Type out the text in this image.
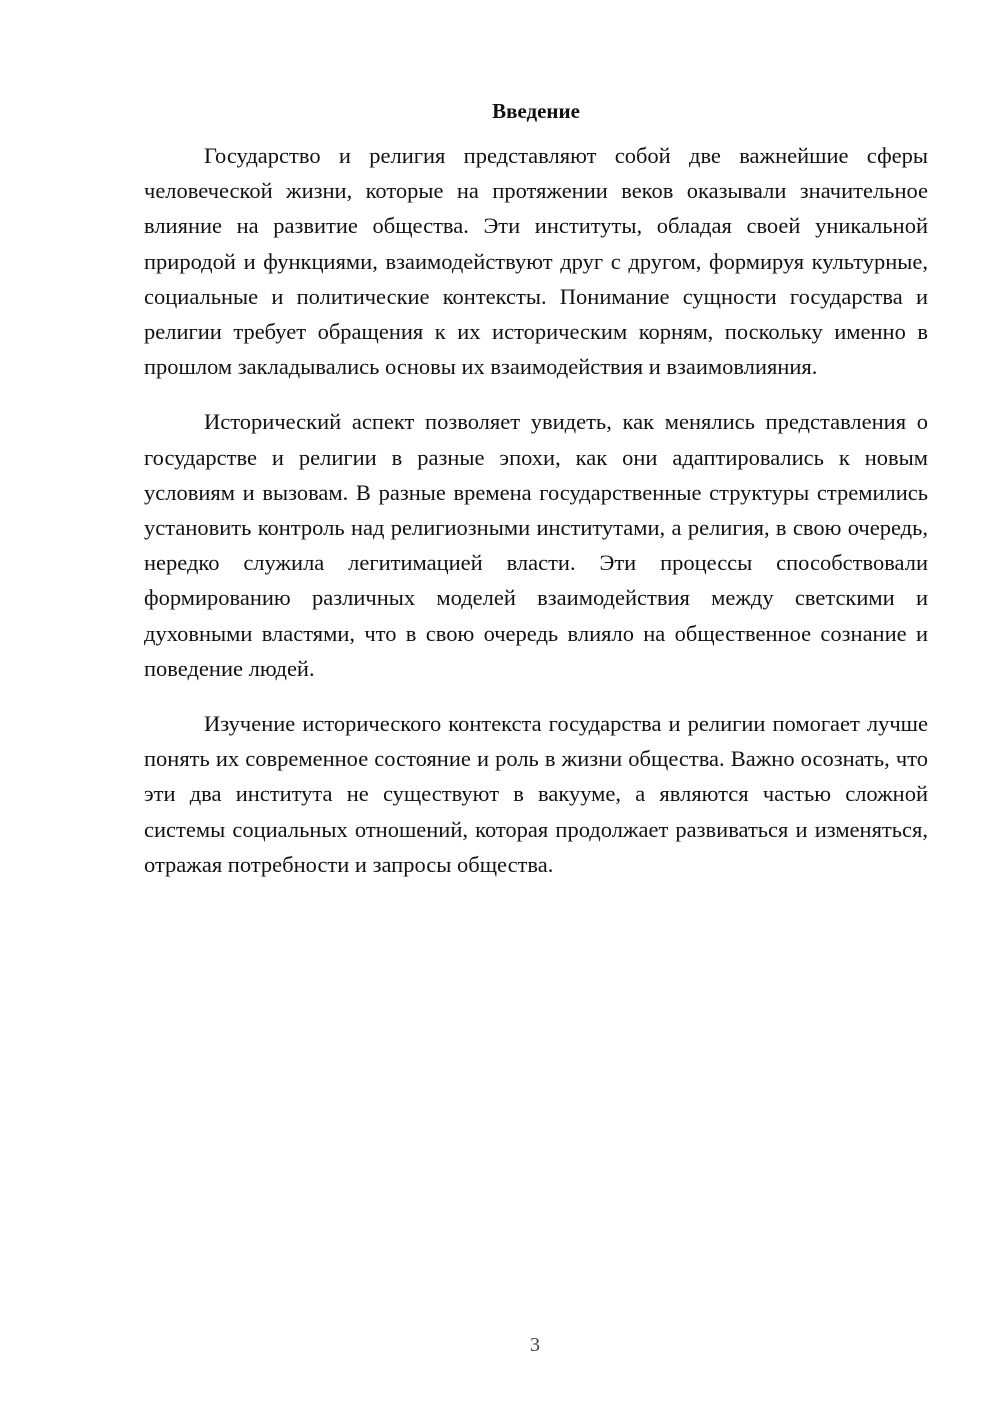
Введение

Государство и религия представляют собой две важнейшие сферы человеческой жизни, которые на протяжении веков оказывали значительное влияние на развитие общества. Эти институты, обладая своей уникальной природой и функциями, взаимодействуют друг с другом, формируя культурные, социальные и политические контексты. Понимание сущности государства и религии требует обращения к их историческим корням, поскольку именно в прошлом закладывались основы их взаимодействия и взаимовлияния.

Исторический аспект позволяет увидеть, как менялись представления о государстве и религии в разные эпохи, как они адаптировались к новым условиям и вызовам. В разные времена государственные структуры стремились установить контроль над религиозными институтами, а религия, в свою очередь, нередко служила легитимацией власти. Эти процессы способствовали формированию различных моделей взаимодействия между светскими и духовными властями, что в свою очередь влияло на общественное сознание и поведение людей.

Изучение исторического контекста государства и религии помогает лучше понять их современное состояние и роль в жизни общества. Важно осознать, что эти два института не существуют в вакууме, а являются частью сложной системы социальных отношений, которая продолжает развиваться и изменяться, отражая потребности и запросы общества.

3
